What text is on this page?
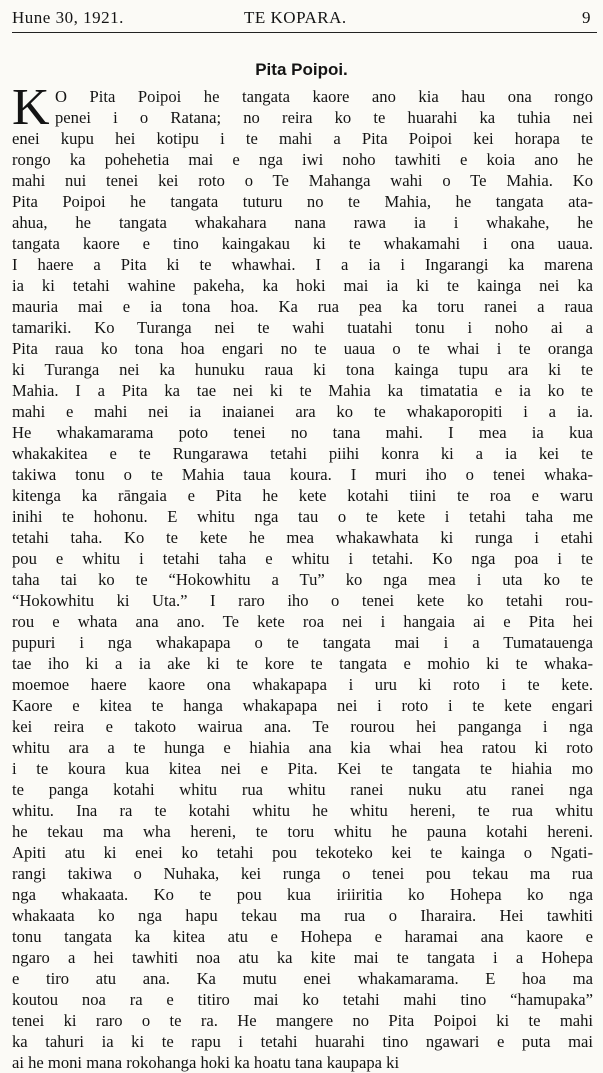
Hune 30, 1921.	TE KOPARA.	9
Pita Poipoi.
K O Pita Poipoi he tangata kaore ano kia hau ona rongo
penei i o Ratana; no reira ko te huarahi ka tuhia nei
enei kupu hei kotipu i te mahi a Pita Poipoi kei horapa te
rongo ka pohehetia mai e nga iwi noho tawhiti e koia ano he
mahi nui tenei kei roto o Te Mahanga wahi o Te Mahia. Ko
Pita Poipoi he tangata tuturu no te Mahia, he tangata ata-
ahua, he tangata whakahara nana rawa ia i whakahe, he
tangata kaore e tino kaingakau ki te whakamahi i ona uaua.
I haere a Pita ki te whawhai. I a ia i Ingarangi ka marena
ia ki tetahi wahine pakeha, ka hoki mai ia ki te kainga nei ka
mauria mai e ia tona hoa. Ka rua pea ka toru ranei a raua
tamariki. Ko Turanga nei te wahi tuatahi tonu i noho ai a
Pita raua ko tona hoa engari no te uaua o te whai i te oranga
ki Turanga nei ka hunuku raua ki tona kainga tupu ara ki te
Mahia. I a Pita ka tae nei ki te Mahia ka timatatia e ia ko te
mahi e mahi nei ia inaianei ara ko te whakaporopiti i a ia.
He whakamarama poto tenei no tana mahi. I mea ia kua
whakakitea e te Rungarawa tetahi piihi konra ki a ia kei te
takiwa tonu o te Mahia taua koura. I muri iho o tenei whaka-
kitenga ka rāngaia e Pita he kete kotahi tiini te roa e waru
inihi te hohonu. E whitu nga tau o te kete i tetahi taha me
tetahi taha. Ko te kete he mea whakawhata ki runga i etahi
pou e whitu i tetahi taha e whitu i tetahi. Ko nga poa i te
taha tai ko te “Hokowhitu a Tu” ko nga mea i uta ko te
“Hokowhitu ki Uta.” I raro iho o tenei kete ko tetahi rou-
rou e whata ana ano. Te kete roa nei i hangaia ai e Pita hei
pupuri i nga whakapapa o te tangata mai i a Tumatauenga
tae iho ki a ia ake ki te kore te tangata e mohio ki te whaka-
moemoe haere kaore ona whakapapa i uru ki roto i te kete.
Kaore e kitea te hanga whakapapa nei i roto i te kete engari
kei reira e takoto wairua ana. Te rourou hei panganga i nga
whitu ara a te hunga e hiahia ana kia whai hea ratou ki roto
i te koura kua kitea nei e Pita. Kei te tangata te hiahia mo
te panga kotahi whitu rua whitu ranei nuku atu ranei nga
whitu. Ina ra te kotahi whitu he whitu hereni, te rua whitu
he tekau ma wha hereni, te toru whitu he pauna kotahi hereni.
Apiti atu ki enei ko tetahi pou tekoteko kei te kainga o Ngati-
rangi takiwa o Nuhaka, kei runga o tenei pou tekau ma rua
nga whakaata. Ko te pou kua iriiritia ko Hohepa ko nga
whakaata ko nga hapu tekau ma rua o Iharaira. Hei tawhiti
tonu tangata ka kitea atu e Hohepa e haramai ana kaore e
ngaro a hei tawhiti noa atu ka kite mai te tangata i a Hohepa
e tiro atu ana. Ka mutu enei whakamarama. E hoa ma
koutou noa ra e titiro mai ko tetahi mahi tino “hamupaka”
tenei ki raro o te ra. He mangere no Pita Poipoi ki te mahi
ka tahuri ia ki te rapu i tetahi huarahi tino ngawari e puta mai
ai he moni mana rokohanga hoki ka hoatu tana kaupapa ki
